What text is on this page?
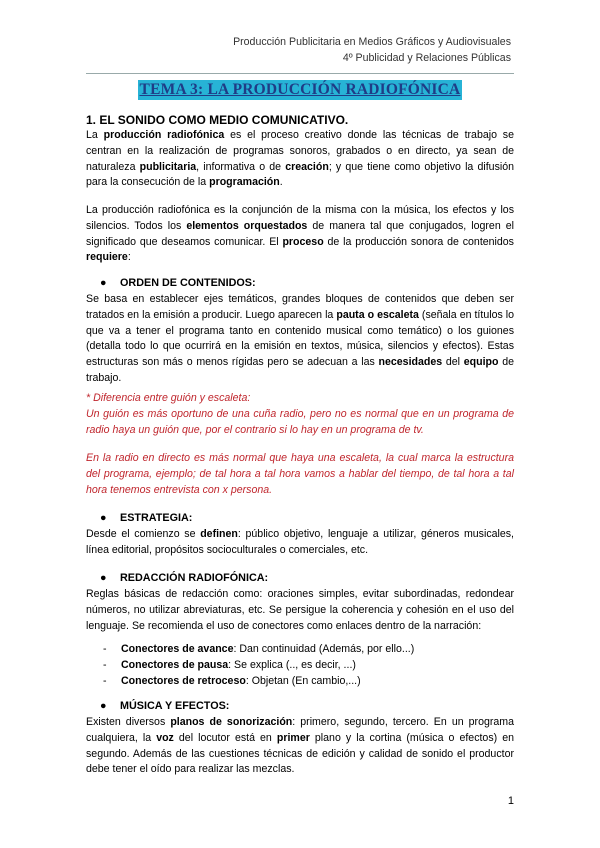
Producción Publicitaria en Medios Gráficos y Audiovisuales
4º Publicidad y Relaciones Públicas
TEMA 3: LA PRODUCCIÓN RADIOFÓNICA
1. EL SONIDO COMO MEDIO COMUNICATIVO.
La producción radiofónica es el proceso creativo donde las técnicas de trabajo se centran en la realización de programas sonoros, grabados o en directo, ya sean de naturaleza publicitaria, informativa o de creación; y que tiene como objetivo la difusión para la consecución de la programación.
La producción radiofónica es la conjunción de la misma con la música, los efectos y los silencios. Todos los elementos orquestados de manera tal que conjugados, logren el significado que deseamos comunicar. El proceso de la producción sonora de contenidos requiere:
● ORDEN DE CONTENIDOS:
Se basa en establecer ejes temáticos, grandes bloques de contenidos que deben ser tratados en la emisión a producir. Luego aparecen la pauta o escaleta (señala en títulos lo que va a tener el programa tanto en contenido musical como temático) o los guiones (detalla todo lo que ocurrirá en la emisión en textos, música, silencios y efectos). Estas estructuras son más o menos rígidas pero se adecuan a las necesidades del equipo de trabajo.
* Diferencia entre guión y escaleta:
Un guión es más oportuno de una cuña radio, pero no es normal que en un programa de radio haya un guión que, por el contrario si lo hay en un programa de tv.
En la radio en directo es más normal que haya una escaleta, la cual marca la estructura del programa, ejemplo; de tal hora a tal hora vamos a hablar del tiempo, de tal hora a tal hora tenemos entrevista con x persona.
● ESTRATEGIA:
Desde el comienzo se definen: público objetivo, lenguaje a utilizar, géneros musicales, línea editorial, propósitos socioculturales o comerciales, etc.
● REDACCIÓN RADIOFÓNICA:
Reglas básicas de redacción como: oraciones simples, evitar subordinadas, redondear números, no utilizar abreviaturas, etc. Se persigue la coherencia y cohesión en el uso del lenguaje. Se recomienda el uso de conectores como enlaces dentro de la narración:
- Conectores de avance: Dan continuidad (Además, por ello...)
- Conectores de pausa: Se explica (.., es decir, ...)
- Conectores de retroceso: Objetan (En cambio,...)
● MÚSICA Y EFECTOS:
Existen diversos planos de sonorización: primero, segundo, tercero. En un programa cualquiera, la voz del locutor está en primer plano y la cortina (música o efectos) en segundo. Además de las cuestiones técnicas de edición y calidad de sonido el productor debe tener el oído para realizar las mezclas.
1
